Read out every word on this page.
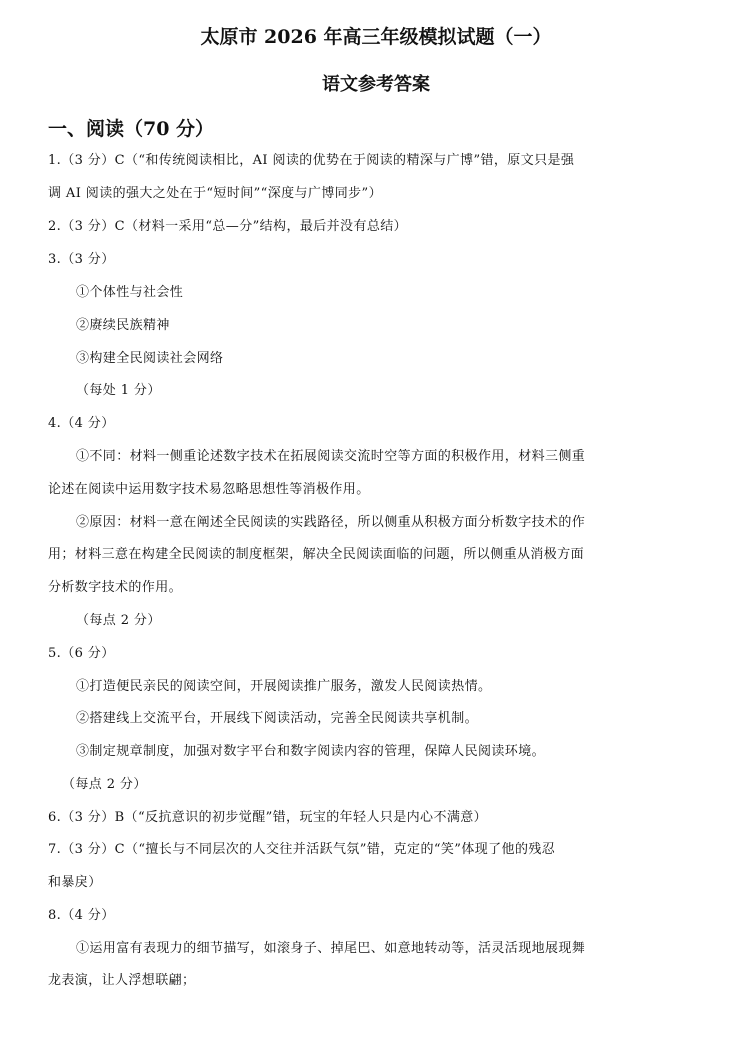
太原市 2026 年高三年级模拟试题（一）
语文参考答案
一、阅读（70 分）
1.（3 分）C（“和传统阅读相比，AI 阅读的优势在于阅读的精深与广博”错，原文只是强
调 AI 阅读的强大之处在于“短时间”“深度与广博同步”）
2.（3 分）C（材料一采用“总—分”结构，最后并没有总结）
3.（3 分）
①个体性与社会性
②赓续民族精神
③构建全民阅读社会网络
（每处 1 分）
4.（4 分）
①不同：材料一侧重论述数字技术在拓展阅读交流时空等方面的积极作用，材料三侧重
论述在阅读中运用数字技术易忽略思想性等消极作用。
②原因：材料一意在阐述全民阅读的实践路径，所以侧重从积极方面分析数字技术的作
用；材料三意在构建全民阅读的制度框架，解决全民阅读面临的问题，所以侧重从消极方面
分析数字技术的作用。
（每点 2 分）
5.（6 分）
①打造便民亲民的阅读空间，开展阅读推广服务，激发人民阅读热情。
②搭建线上交流平台，开展线下阅读活动，完善全民阅读共享机制。
③制定规章制度，加强对数字平台和数字阅读内容的管理，保障人民阅读环境。
（每点 2 分）
6.（3 分）B（“反抗意识的初步觉醒”错，玩宝的年轻人只是内心不满意）
7.（3 分）C（“擅长与不同层次的人交往并活跃气氛”错，克定的“笑”体现了他的残忍
和暴戾）
8.（4 分）
①运用富有表现力的细节描写，如滚身子、掉尾巴、如意地转动等，活灵活现地展现舞
龙表演，让人浮想联翩；
